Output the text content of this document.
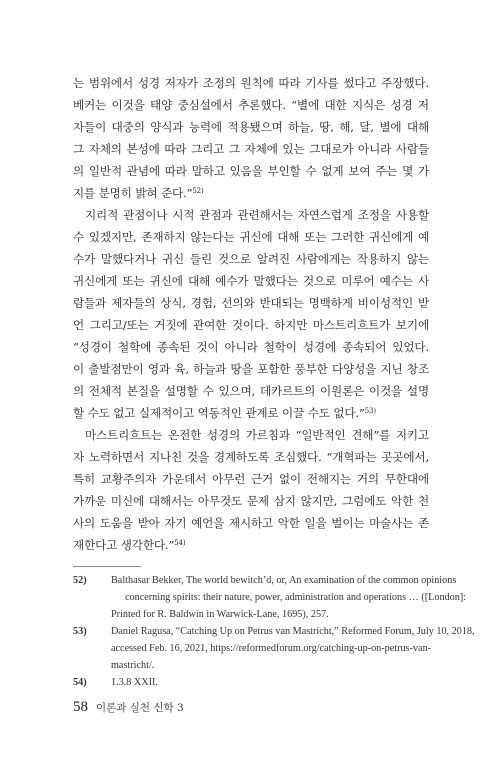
는 범위에서 성경 저자가 조정의 원칙에 따라 기사를 썼다고 주장했다.
베커는 이것을 태양 중심설에서 추론했다. “별에 대한 지식은 성경 저
자들이 대중의 양식과 능력에 적용됐으며 하늘, 땅, 해, 달, 별에 대해
그 자체의 본성에 따라 그리고 그 자체에 있는 그대로가 아니라 사람들
의 일반적 관념에 따라 말하고 있음을 부인할 수 없게 보여 주는 몇 가
지를 분명히 밝혀 준다.”$^{52)}$
지리적 관점이나 시적 관점과 관련해서는 자연스럽게 조정을 사용할
수 있겠지만, 존재하지 않는다는 귀신에 대해 또는 그러한 귀신에게 예
수가 말했다거나 귀신 들린 것으로 알려진 사람에게는 작용하지 않는
귀신에게 또는 귀신에 대해 예수가 말했다는 것으로 미루어 예수는 사
람들과 제자들의 상식, 경험, 선의와 반대되는 명백하게 비이성적인 받
언 그리고/또는 거짓에 관여한 것이다. 하지만 마스트리흐트가 보기에
“성경이 철학에 종속된 것이 아니라 철학이 성경에 종속되어 있었다.
이 출발점만이 영과 육, 하늘과 땅을 포함한 풍부한 다양성을 지닌 창조
의 전체적 본질을 설명할 수 있으며, 데카르트의 이원론은 이것을 설명
할 수도 없고 실제적이고 역동적인 관계로 이끌 수도 없다.”$^{53)}$
마스트리흐트는 온전한 성경의 가르침과 “일반적인 견해”를 지키고
자 노력하면서 지나친 것을 경계하도록 조심했다. “개혁파는 곳곳에서,
특히 교황주의자 가운데서 아무런 근거 없이 전해지는 거의 무한대에
가까운 미신에 대해서는 아무것도 문제 삼지 않지만, 그럼에도 악한 천
사의 도움을 받아 자기 예언을 제시하고 악한 일을 벌이는 마술사는 존
재한다고 생각한다.”$^{54)}$
52)	Balthasar Bekker, The world bewitch’d, or, An examination of the common opinions
concerning spirits: their nature, power, administration and operations … ([London]:
Printed for R. Baldwin in Warwick-Lane, 1695), 257.
53)	Daniel Ragusa, “Catching Up on Petrus van Mastricht,” Reformed Forum, July 10, 2018,
accessed Feb. 16, 2021, https://reformedforum.org/catching-up-on-petrus-van-
mastricht/.
54)	1.3.8 XXII.
58 이론과 실천 신학 3
